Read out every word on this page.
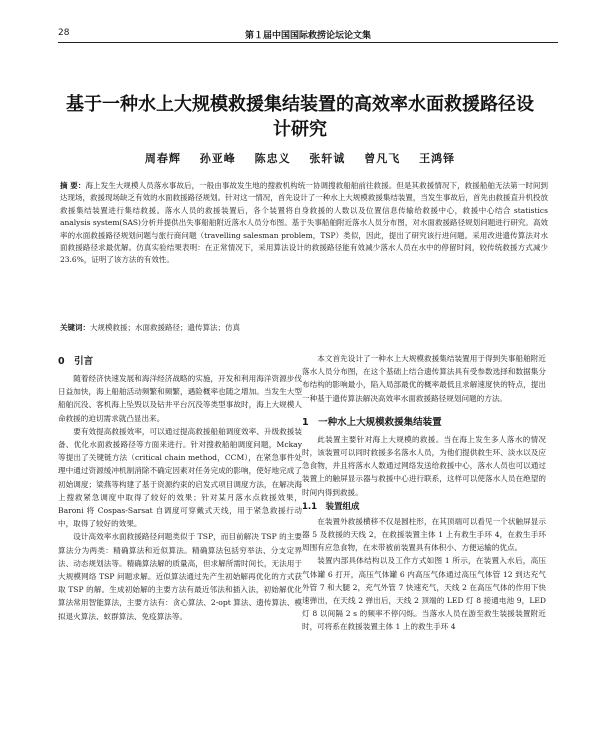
28	第１届中国国际救捞论坛论文集
基于一种水上大规模救援集结装置的高效率水面救援路径设计研究
周春辉 孙亚峰 陈忠义 张轩诚 曾凡飞 王鸿铎
摘 要：海上发生大规模人员落水事故后，一般由事故发生地的搜救机构统一协调搜救船舶前往救援。但是其救援情况下，救援船舶无法第一时间到达现场，救援现场缺乏有效的水面救援路径规划。针对这一情况，首先设计了一种水上大规模救援集结装置，当发生事故后，首先由救援直升机投放救援集结装置进行集结救援。落水人员的救援装置后，各个装置将自身救援的人数以及位置信息传输给救援中心，救援中心结合 statistics analysis system(SAS)分析并提供出失事船舶附近落水人员分布图。基于失事船舶附近落水人员分布图，对水面救援路径规划问题进行研究。高效率的水面救援路径规划问题与旅行商问题（travelling salesman problem，TSP）类似，因此，提出了研究该行进问题。采用改进遗传算法对水面救援路径求最优解。仿真实验结果表明：在正常情况下，采用算法设计的救援路径能有效减少落水人员在水中的停留时间，较传统救援方式减少 23.6%，证明了该方法的有效性。
关键词：大规模救援；水面救援路径；遗传算法；仿真
0　引言

随着经济快速发展和海洋经济战略的实施，开发和利用海洋资源步伐日益加快，海上船舶活动频繁和频繁，遇险概率也随之增加。当发生大型船舶沉没、客机海上坠毁以及钻井平台沉没等类型事故时，海上大规模人命救援的迫切需求就凸显出来。

要有效提高救援效率，可以通过提高救援船舶调度效率、升级救援装备、优化水面救援路径等方面来进行。针对搜救船舶调度问题，Mckay 等提出了关键链方法（critical chain method，CCM），在紧急事件处理中通过资源缓冲机制消除不确定因素对任务完成的影响，使好地完成了初始调度；梁燕等构建了基于资源约束的启发式项目调度方法，在解决海上搜救紧急调度中取得了较好的效果；针对某月落水点救援效果，Baroni 将 Cospas-Sarsat 自调度可穿戴式天线，用于紧急救援行动中，取得了较好的效果。

设计高效率水面救援路径问题类似于 TSP，而目前解决 TSP 的主要算法分为两类：精确算法和近似算法。精确算法包括穷举法、分支定界法、动态规划法等。精确算法解的质量高，但求解所需时间长，无法用于大规模网络 TSP 问题求解。近似算法通过先产生初始解再优化的方式获取 TSP 的解。生成初始解的主要方法有最近邻法和插入法，初始解优化算法常用智能算法，主要方法有：贪心算法、2-opt 算法、遗传算法、模拟退火算法、蚁群算法、免疫算法等。

本文首先设计了一种水上大规模救援集结装置用于得到失事船舶附近落水人员分布图，在这个基础上结合遗传算法具有受参数选择和数据集分布结构的影响最小，陷入局部最优的概率最低且求解速度快的特点，提出一种基于遗传算法解决高效率水面救援路径规划问题的方法。

1　一种水上大规模救援集结装置

此装置主要针对海上大规模的救援。当在海上发生多人落水的情况时，该装置可以同时救援多名落水人员，为他们提供救生环、淡水以及应急食物，并且将落水人数通过网络发送给救援中心，落水人员也可以通过装置上的触屏显示器与救援中心进行联系，这样可以使落水人员在绝望的时间内得到救援。

1.1　装置组成

在装置外救援横移不仅是圆柱形，在其顶端可以看见一个状触屏显示器 5 及救援的天线 2，在救援装置主体 1 上有救生手环 4，在救生手环周围有应急食物，在未带被前装置具有体积小、方便运输的优点。

装置内部具体结构以及工作方式如图 1 所示，在装置入水后，高压气体罐 6 打开，高压气体罐 6 内高压气体通过高压气体管 12 到达充气外管 7 和大腿 2，充气外管 7 快速充气，天线 2 在高压气体的作用下快速弹出，在天线 2 弹出后，天线 2 顶端的 LED 灯 8 接通电池 9，LED 灯 8 以间隔 2 s 的频率不停闪烁。当落水人员在游至救生装援装置附近时，可将系在救援装置主体 1 上的救生手环 4
